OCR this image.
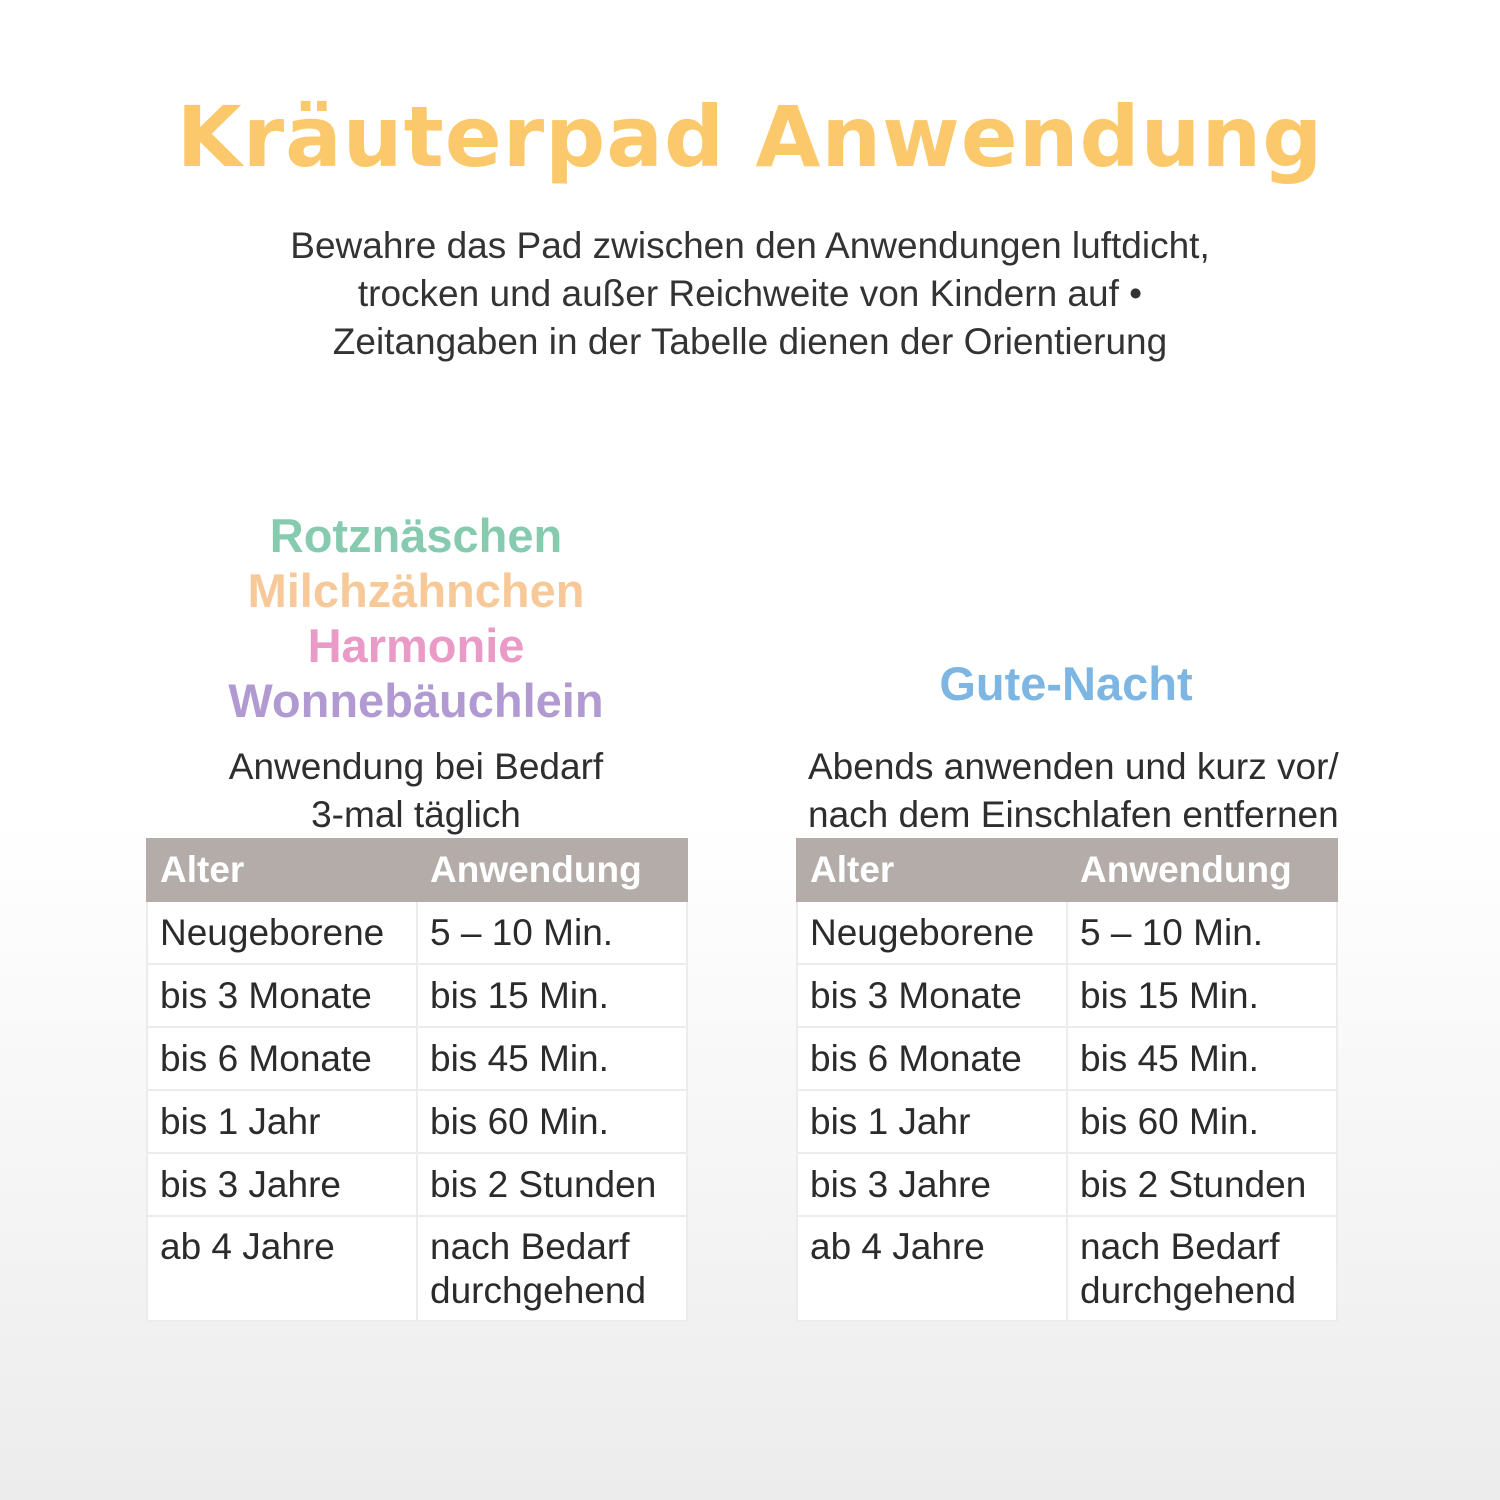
Kräuterpad Anwendung
Bewahre das Pad zwischen den Anwendungen luftdicht,
trocken und außer Reichweite von Kindern auf •
Zeitangaben in der Tabelle dienen der Orientierung
Rotznäschen
Milchzähnchen
Harmonie
Wonnebäuchlein
Anwendung bei Bedarf
3-mal täglich
Alter	Anwendung
Neugeborene	5 – 10 Min.
bis 3 Monate	bis 15 Min.
bis 6 Monate	bis 45 Min.
bis 1 Jahr	bis 60 Min.
bis 3 Jahre	bis 2 Stunden
ab 4 Jahre	nach Bedarf durchgehend
Gute-Nacht
Abends anwenden und kurz vor/
nach dem Einschlafen entfernen
Alter	Anwendung
Neugeborene	5 – 10 Min.
bis 3 Monate	bis 15 Min.
bis 6 Monate	bis 45 Min.
bis 1 Jahr	bis 60 Min.
bis 3 Jahre	bis 2 Stunden
ab 4 Jahre	nach Bedarf durchgehend
